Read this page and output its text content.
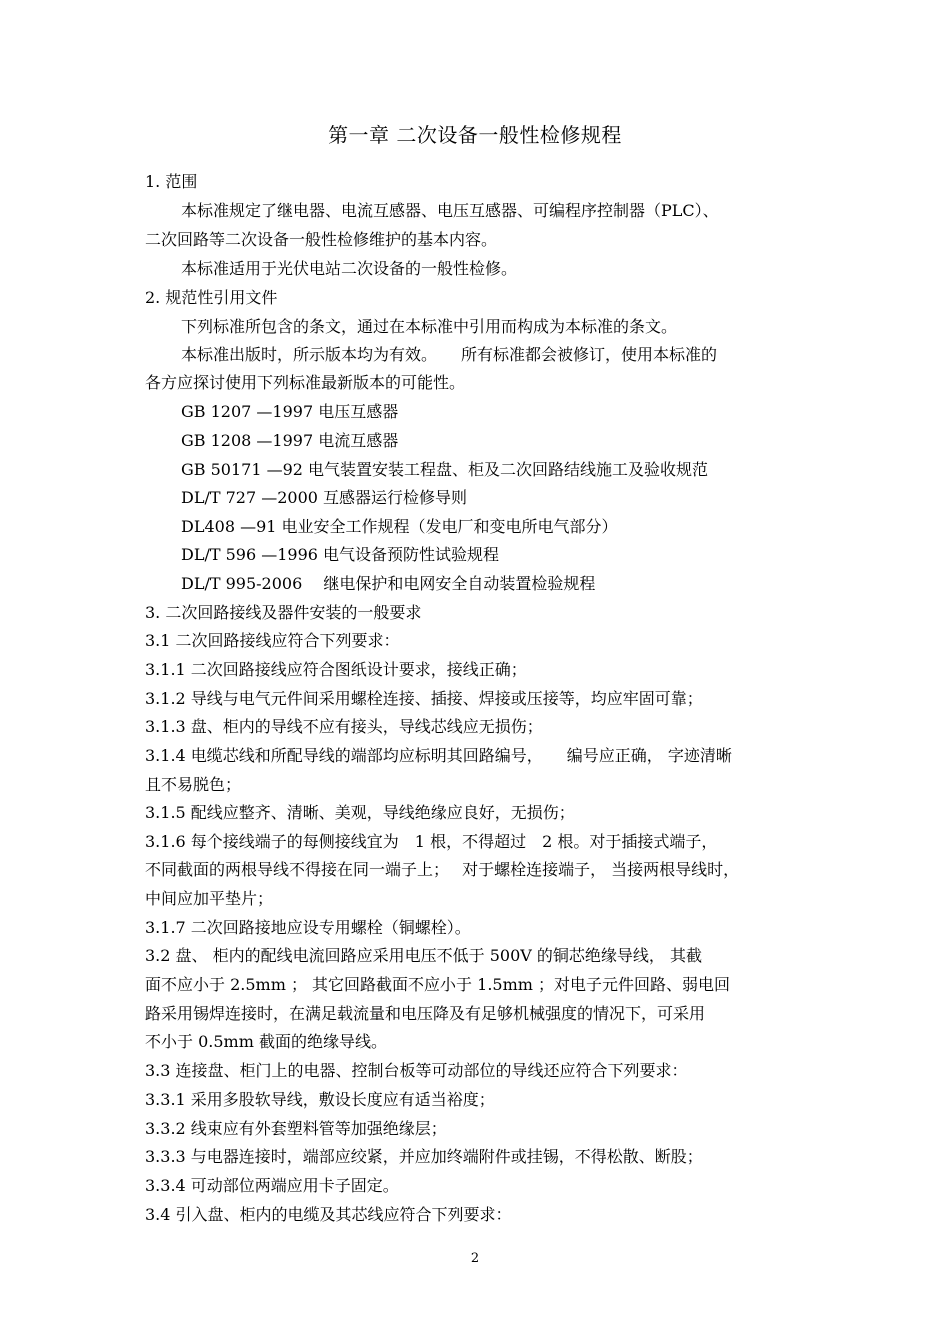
第一章 二次设备一般性检修规程
1. 范围
本标准规定了继电器、电流互感器、电压互感器、可编程序控制器（PLC）、
二次回路等二次设备一般性检修维护的基本内容。
本标准适用于光伏电站二次设备的一般性检修。
2. 规范性引用文件
下列标准所包含的条文，通过在本标准中引用而构成为本标准的条文。
本标准出版时，所示版本均为有效。　　所有标准都会被修订，使用本标准的
各方应探讨使用下列标准最新版本的可能性。
GB 1207 —1997 电压互感器
GB 1208 —1997 电流互感器
GB 50171 —92 电气装置安装工程盘、柜及二次回路结线施工及验收规范
DL/T 727 —2000 互感器运行检修导则
DL408 —91 电业安全工作规程（发电厂和变电所电气部分）
DL/T 596 —1996 电气设备预防性试验规程
DL/T 995-2006　 继电保护和电网安全自动装置检验规程
3. 二次回路接线及器件安装的一般要求
3.1 二次回路接线应符合下列要求：
3.1.1 二次回路接线应符合图纸设计要求，接线正确；
3.1.2 导线与电气元件间采用螺栓连接、插接、焊接或压接等，均应牢固可靠；
3.1.3 盘、柜内的导线不应有接头，导线芯线应无损伤；
3.1.4 电缆芯线和所配导线的端部均应标明其回路编号，　　编号应正确， 字迹清晰
且不易脱色；
3.1.5 配线应整齐、清晰、美观，导线绝缘应良好，无损伤；
3.1.6 每个接线端子的每侧接线宜为　1 根，不得超过　2 根。对于插接式端子，
不同截面的两根导线不得接在同一端子上；　 对于螺栓连接端子， 当接两根导线时，
中间应加平垫片；
3.1.7 二次回路接地应设专用螺栓（铜螺栓）。
3.2 盘、 柜内的配线电流回路应采用电压不低于 500V 的铜芯绝缘导线， 其截
面不应小于 2.5mm ； 其它回路截面不应小于 1.5mm ；对电子元件回路、弱电回
路采用锡焊连接时，在满足载流量和电压降及有足够机械强度的情况下，可采用
不小于 0.5mm 截面的绝缘导线。
3.3 连接盘、柜门上的电器、控制台板等可动部位的导线还应符合下列要求：
3.3.1 采用多股软导线，敷设长度应有适当裕度；
3.3.2 线束应有外套塑料管等加强绝缘层；
3.3.3 与电器连接时，端部应绞紧，并应加终端附件或挂锡，不得松散、断股；
3.3.4 可动部位两端应用卡子固定。
3.4 引入盘、柜内的电缆及其芯线应符合下列要求：
2
